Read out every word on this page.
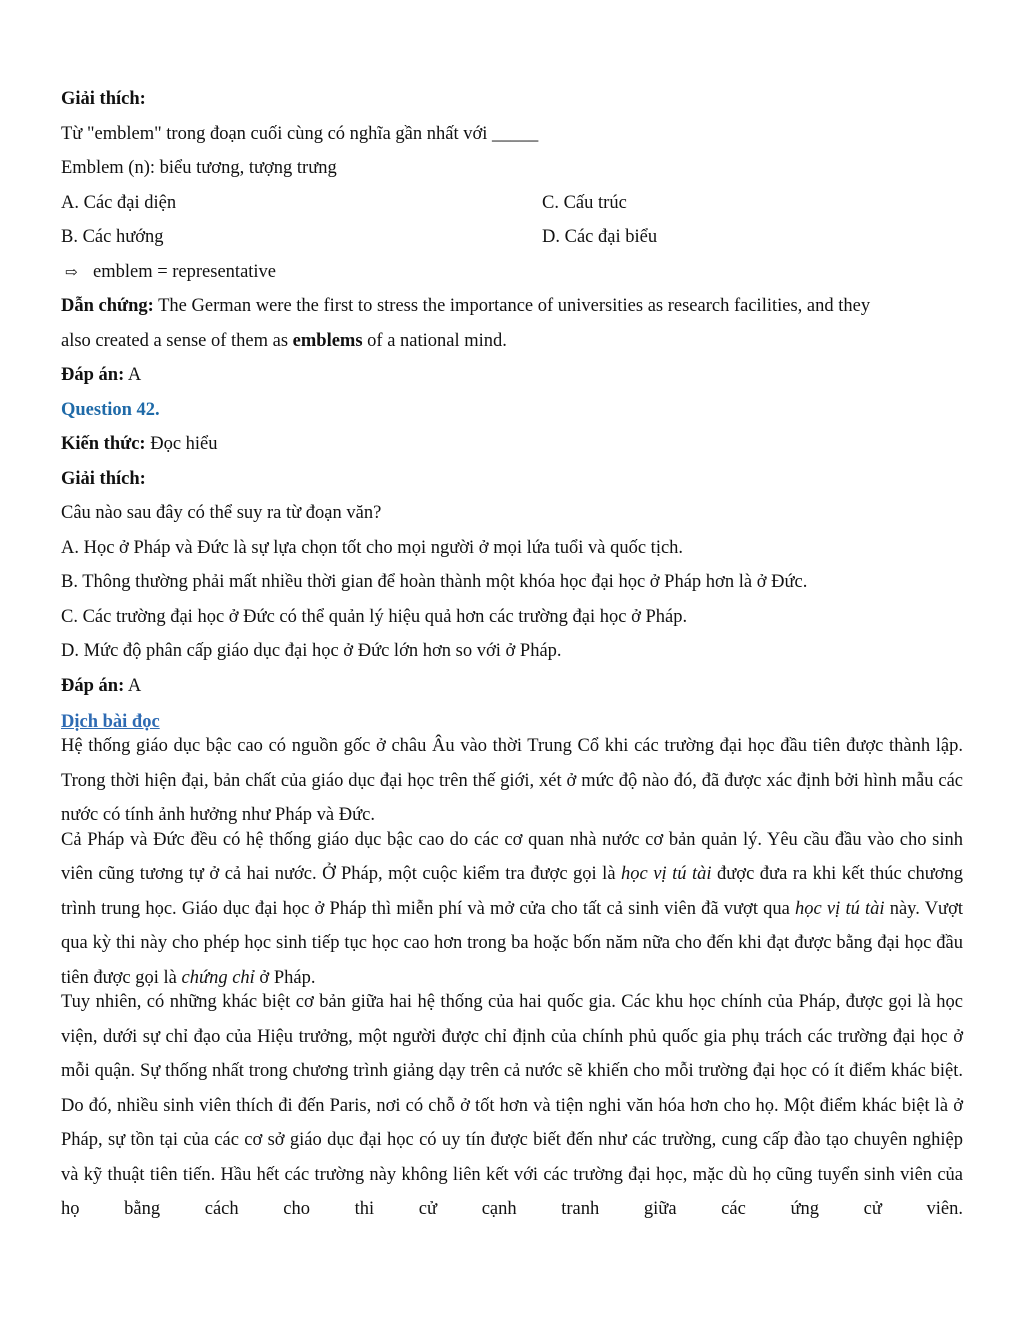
Giải thích:
Từ "emblem" trong đoạn cuối cùng có nghĩa gần nhất với _____
Emblem (n): biểu tương, tượng trưng
A. Các đại diện	C. Cấu trúc
B. Các hướng	D. Các đại biểu
⇨ emblem = representative
Dẫn chứng: The German were the first to stress the importance of universities as research facilities, and they
also created a sense of them as emblems of a national mind.
Đáp án: A
Question 42.
Kiến thức: Đọc hiểu
Giải thích:
Câu nào sau đây có thể suy ra từ đoạn văn?
A. Học ở Pháp và Đức là sự lựa chọn tốt cho mọi người ở mọi lứa tuổi và quốc tịch.
B. Thông thường phải mất nhiều thời gian để hoàn thành một khóa học đại học ở Pháp hơn là ở Đức.
C. Các trường đại học ở Đức có thể quản lý hiệu quả hơn các trường đại học ở Pháp.
D. Mức độ phân cấp giáo dục đại học ở Đức lớn hơn so với ở Pháp.
Đáp án: A
Dịch bài đọc

Hệ thống giáo dục bậc cao có nguồn gốc ở châu Âu vào thời Trung Cổ khi các trường đại học đầu tiên được thành lập. Trong thời hiện đại, bản chất của giáo dục đại học trên thế giới, xét ở mức độ nào đó, đã được xác định bởi hình mẫu các nước có tính ảnh hưởng như Pháp và Đức.

Cả Pháp và Đức đều có hệ thống giáo dục bậc cao do các cơ quan nhà nước cơ bản quản lý. Yêu cầu đầu vào cho sinh viên cũng tương tự ở cả hai nước. Ở Pháp, một cuộc kiểm tra được gọi là học vị tú tài được đưa ra khi kết thúc chương trình trung học. Giáo dục đại học ở Pháp thì miễn phí và mở cửa cho tất cả sinh viên đã vượt qua học vị tú tài này. Vượt qua kỳ thi này cho phép học sinh tiếp tục học cao hơn trong ba hoặc bốn năm nữa cho đến khi đạt được bằng đại học đầu tiên được gọi là chứng chỉ ở Pháp.

Tuy nhiên, có những khác biệt cơ bản giữa hai hệ thống của hai quốc gia. Các khu học chính của Pháp, được gọi là học viện, dưới sự chỉ đạo của Hiệu trưởng, một người được chỉ định của chính phủ quốc gia phụ trách các trường đại học ở mỗi quận. Sự thống nhất trong chương trình giảng dạy trên cả nước sẽ khiến cho mỗi trường đại học có ít điểm khác biệt. Do đó, nhiều sinh viên thích đi đến Paris, nơi có chỗ ở tốt hơn và tiện nghi văn hóa hơn cho họ. Một điểm khác biệt là ở Pháp, sự tồn tại của các cơ sở giáo dục đại học có uy tín được biết đến như các trường, cung cấp đào tạo chuyên nghiệp và kỹ thuật tiên tiến. Hầu hết các trường này không liên kết với các trường đại học, mặc dù họ cũng tuyển sinh viên của họ bằng cách cho thi cử cạnh tranh giữa các ứng cử viên.
